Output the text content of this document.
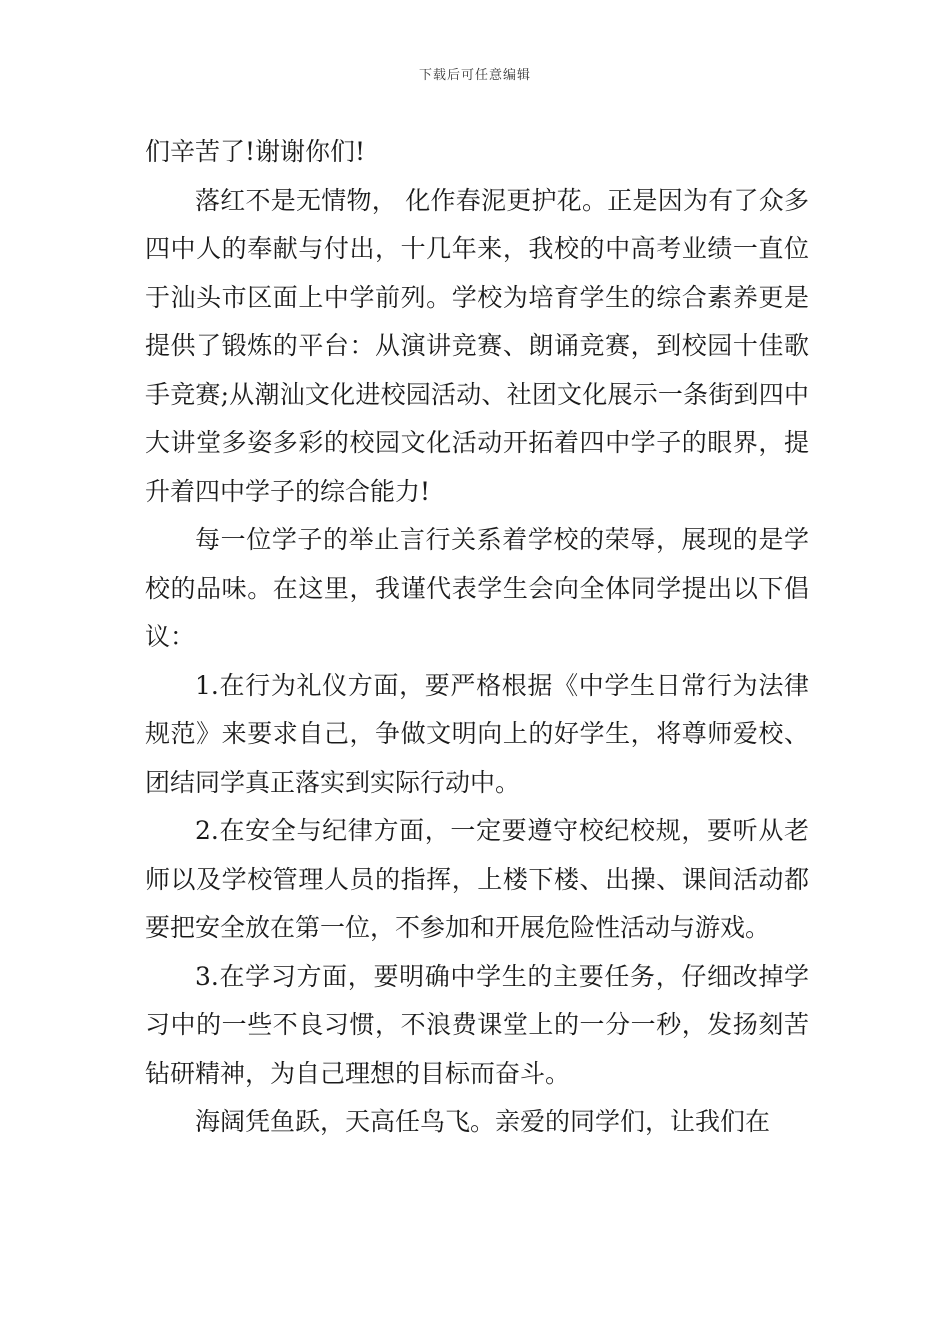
下载后可任意编辑

们辛苦了!谢谢你们!

落红不是无情物， 化作春泥更护花。正是因为有了众多四中人的奉献与付出，十几年来，我校的中高考业绩一直位于汕头市区面上中学前列。学校为培育学生的综合素养更是提供了锻炼的平台：从演讲竞赛、朗诵竞赛，到校园十佳歌手竞赛;从潮汕文化进校园活动、社团文化展示一条街到四中大讲堂多姿多彩的校园文化活动开拓着四中学子的眼界，提升着四中学子的综合能力!

每一位学子的举止言行关系着学校的荣辱，展现的是学校的品味。在这里，我谨代表学生会向全体同学提出以下倡议：

1.在行为礼仪方面，要严格根据《中学生日常行为法律规范》来要求自己，争做文明向上的好学生，将尊师爱校、团结同学真正落实到实际行动中。

2.在安全与纪律方面，一定要遵守校纪校规，要听从老师以及学校管理人员的指挥，上楼下楼、出操、课间活动都要把安全放在第一位，不参加和开展危险性活动与游戏。

3.在学习方面，要明确中学生的主要任务，仔细改掉学习中的一些不良习惯，不浪费课堂上的一分一秒，发扬刻苦钻研精神，为自己理想的目标而奋斗。

海阔凭鱼跃，天高任鸟飞。亲爱的同学们，让我们在
